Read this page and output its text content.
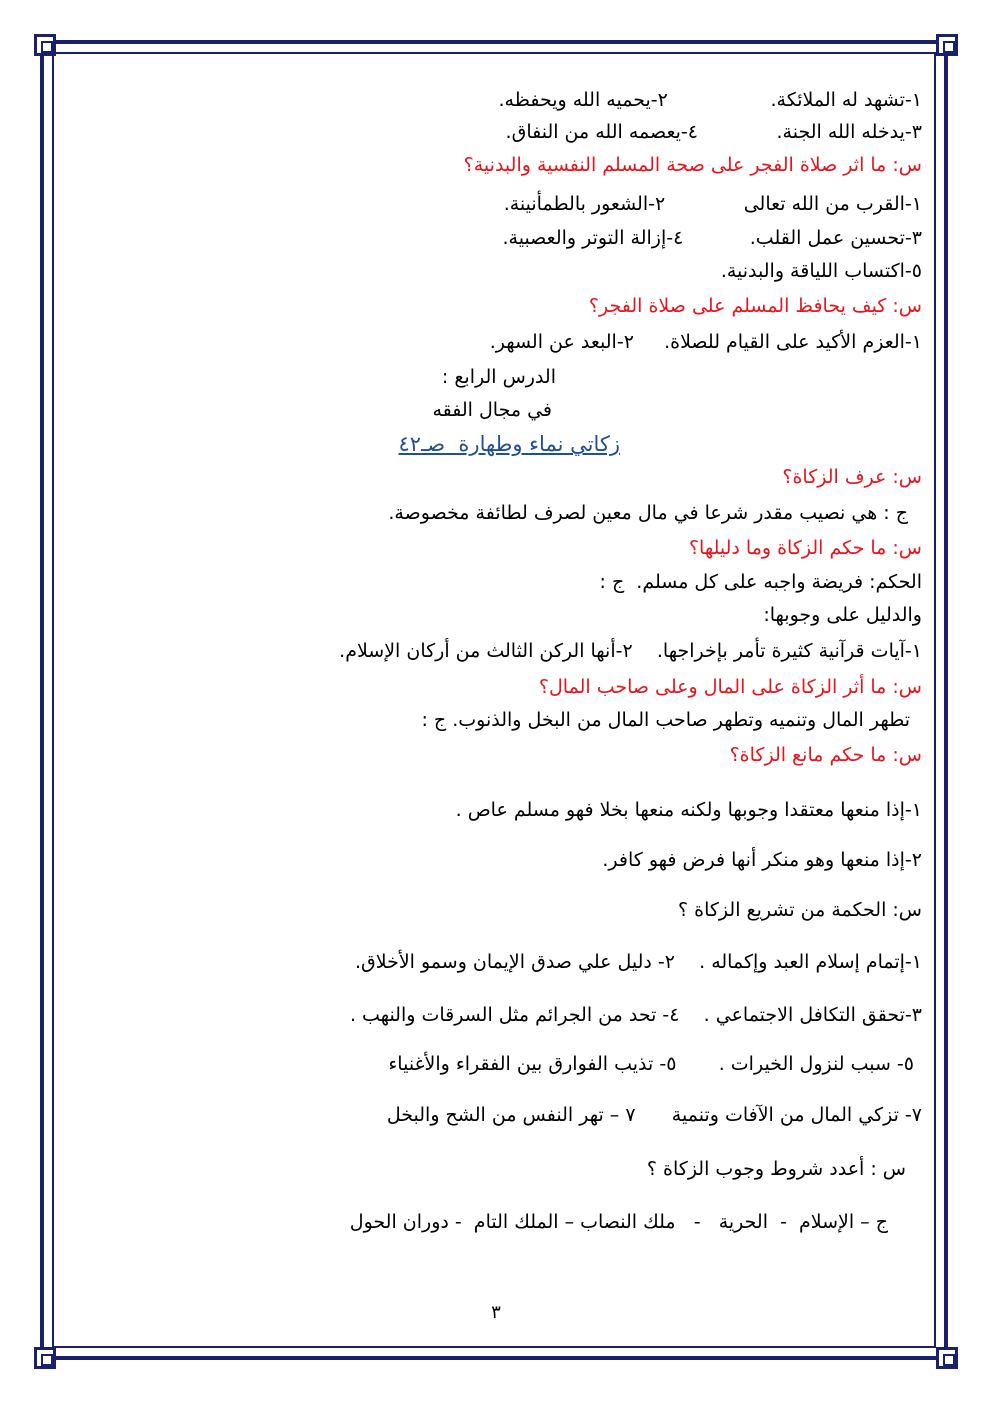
١-تشهد له الملائكة.                 ٢-يحميه الله ويحفظه.
٣-يدخله الله الجنة.             ٤-يعصمه الله من النفاق.
س: ما اثر صلاة الفجر على صحة المسلم النفسية والبدنية؟
١-القرب من الله تعالى             ٢-الشعور بالطمأنينة.
٣-تحسين عمل القلب.           ٤-إزالة التوتر والعصبية.
٥-اكتساب اللياقة والبدنية.
س: كيف يحافظ المسلم على صلاة الفجر؟
١-العزم الأكيد على القيام للصلاة.     ٢-البعد عن السهر.
الدرس الرابع :
في مجال الفقه
زكاتي نماء وطهارة  صـ٤٢
س: عرف الزكاة؟
ج : هي نصيب مقدر شرعا في مال معين لصرف لطائفة مخصوصة.
س: ما حكم الزكاة وما دليلها؟
الحكم: فريضة واجبه على كل مسلم.  ج :
والدليل على وجوبها:
١-آيات قرآنية كثيرة تأمر بإخراجها.    ٢-أنها الركن الثالث من أركان الإسلام.
س: ما أثر الزكاة على المال وعلى صاحب المال؟
تطهر المال وتنميه وتطهر صاحب المال من البخل والذنوب. ج :
س: ما حكم مانع الزكاة؟
١-إذا منعها معتقدا وجوبها ولكنه منعها بخلا فهو مسلم عاص .
٢-إذا منعها وهو منكر أنها فرض فهو كافر.
س: الحكمة من تشريع الزكاة ؟
١-إتمام إسلام العبد وإكماله .    ٢- دليل علي صدق الإيمان وسمو الأخلاق.
٣-تحقق التكافل الاجتماعي .    ٤- تحد من الجرائم مثل السرقات والنهب .
٥- سبب لنزول الخيرات .       ٥- تذيب الفوارق بين الفقراء والأغنياء
٧- تزكي المال من الآفات وتنمية      ٧ – تهر النفس من الشح والبخل
س : أعدد شروط وجوب الزكاة ؟
ج – الإسلام  -  الحرية   -   ملك النصاب – الملك التام  - دوران الحول
٣
